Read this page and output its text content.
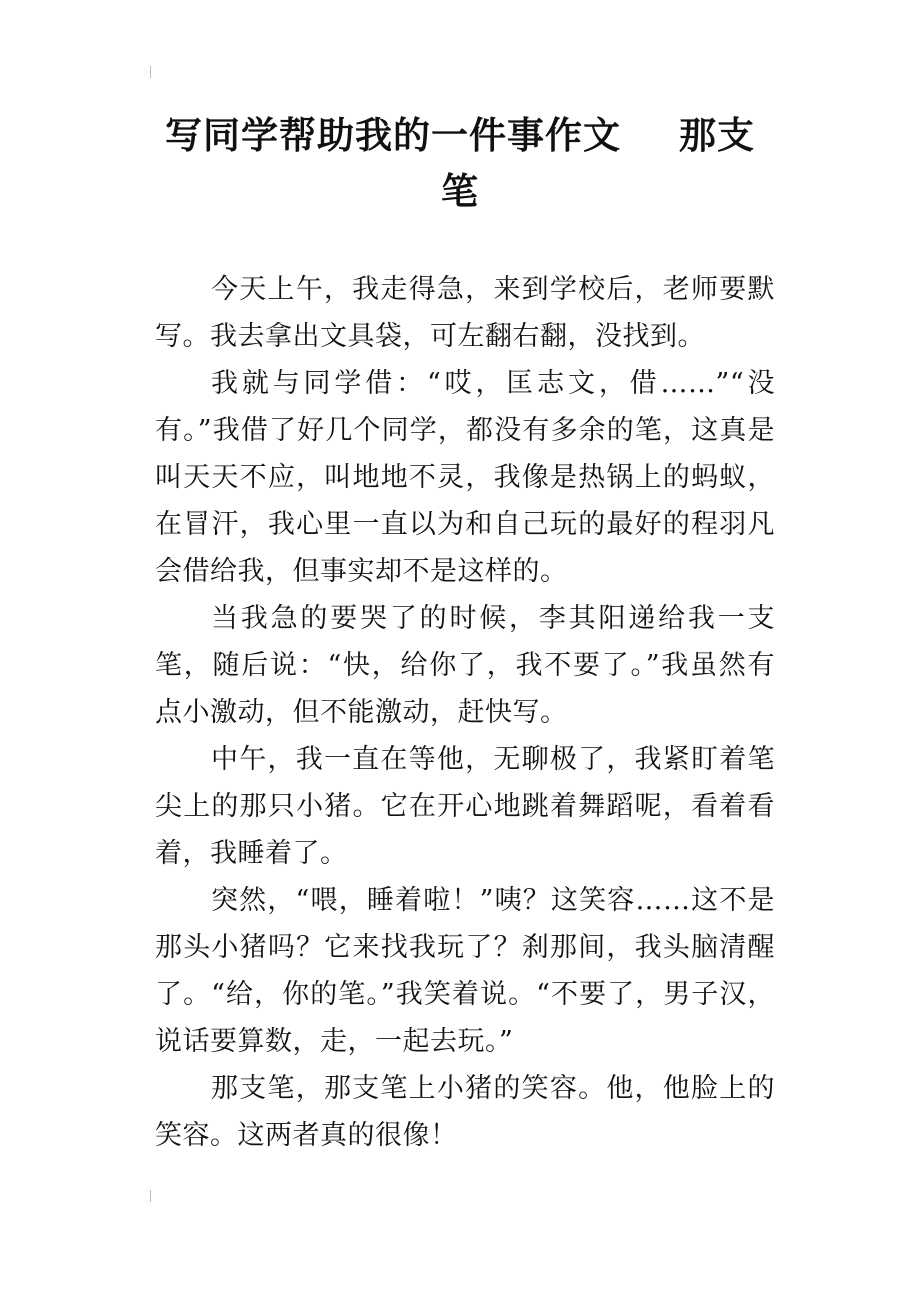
写同学帮助我的一件事作文 那支笔

今天上午，我走得急，来到学校后，老师要默写。我去拿出文具袋，可左翻右翻，没找到。

我就与同学借：“哎，匡志文，借……”“没有。”我借了好几个同学，都没有多余的笔，这真是叫天天不应，叫地地不灵，我像是热锅上的蚂蚁，在冒汗，我心里一直以为和自己玩的最好的程羽凡会借给我，但事实却不是这样的。

当我急的要哭了的时候，李其阳递给我一支笔，随后说：“快，给你了，我不要了。”我虽然有点小激动，但不能激动，赶快写。

中午，我一直在等他，无聊极了，我紧盯着笔尖上的那只小猪。它在开心地跳着舞蹈呢，看着看着，我睡着了。

突然，“喂，睡着啦！”咦？这笑容……这不是那头小猪吗？它来找我玩了？刹那间，我头脑清醒了。“给，你的笔。”我笑着说。“不要了，男子汉，说话要算数，走，一起去玩。”

那支笔，那支笔上小猪的笑容。他，他脸上的笑容。这两者真的很像！
